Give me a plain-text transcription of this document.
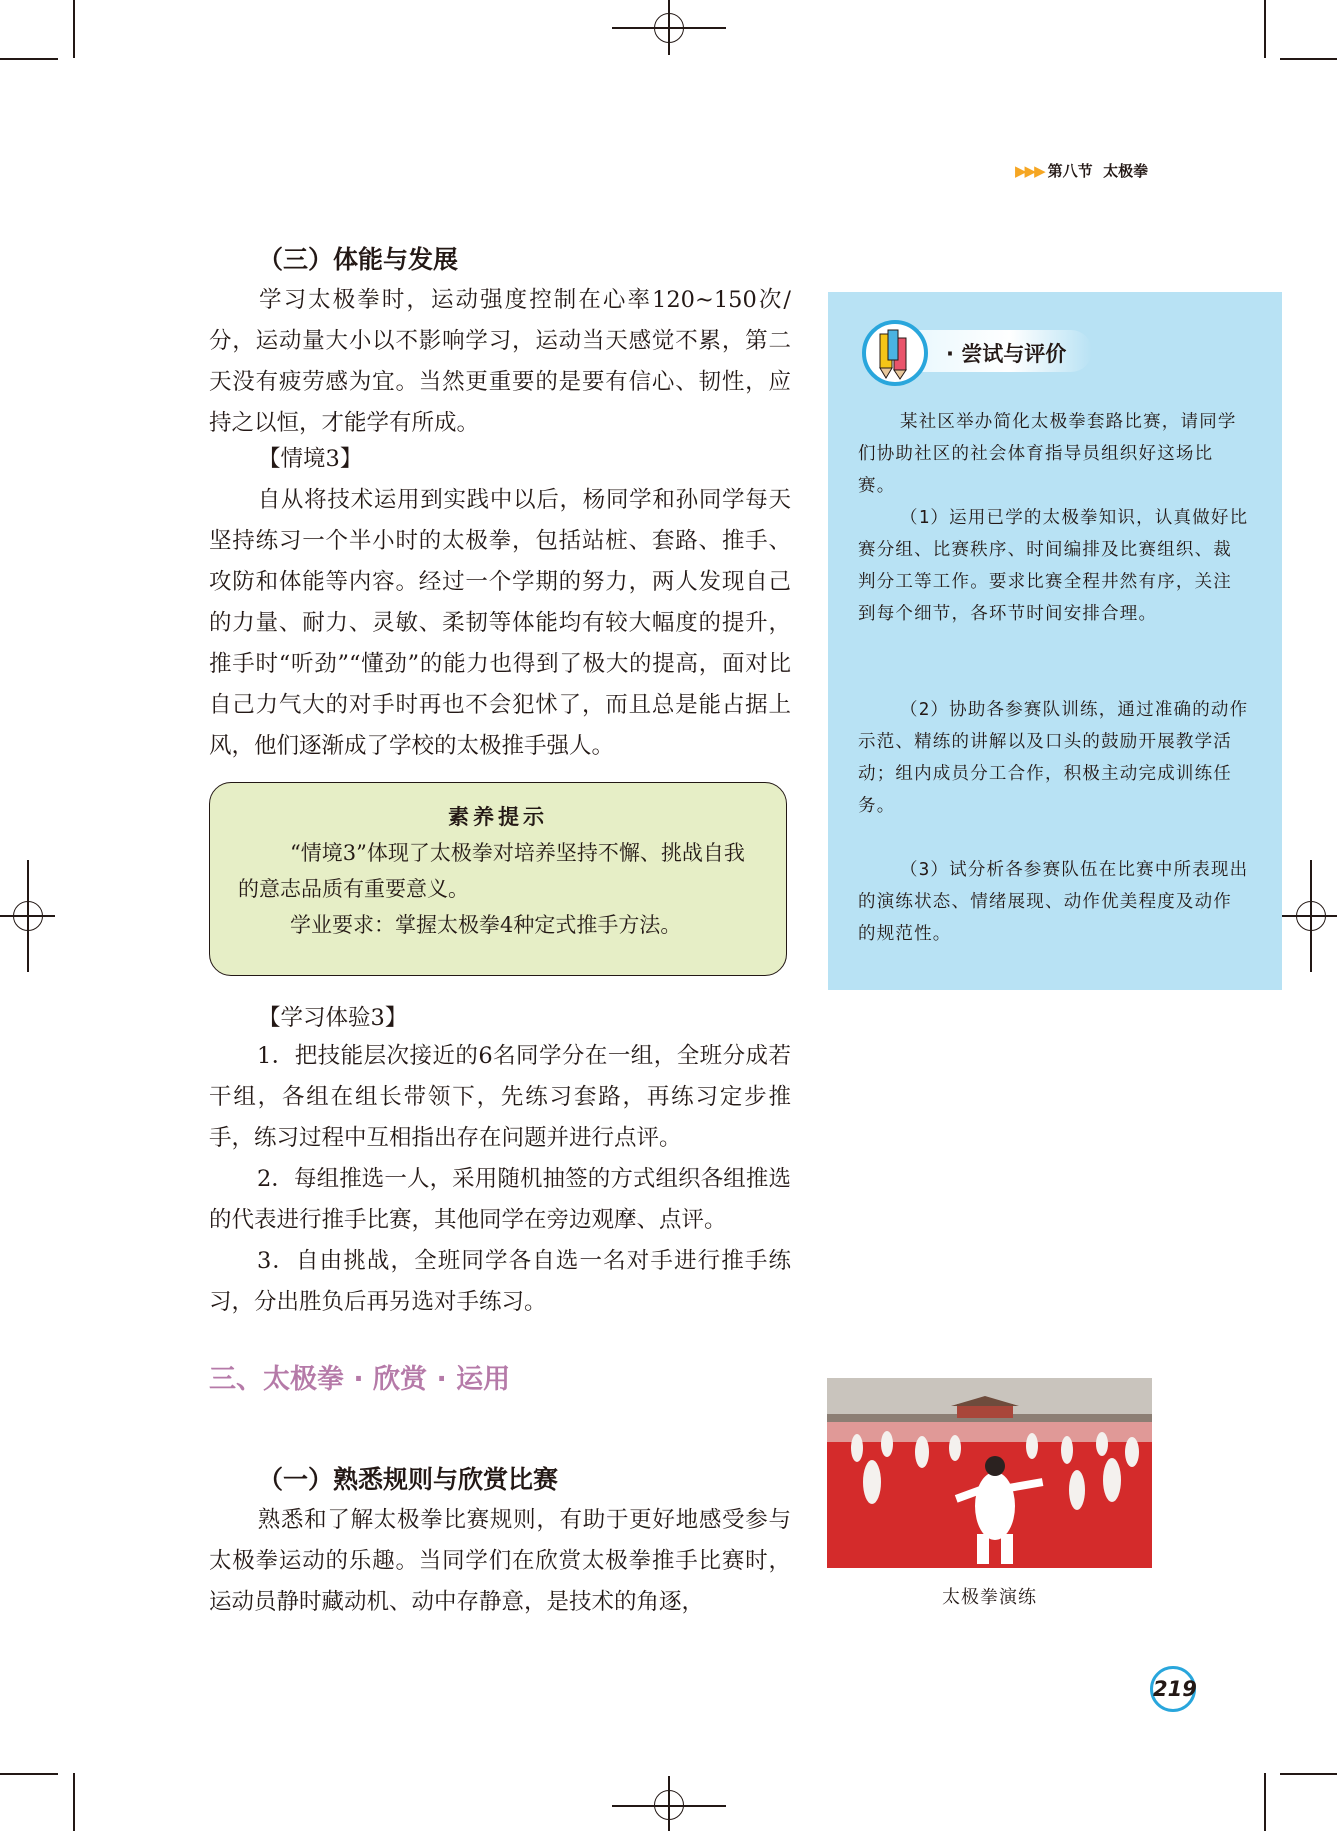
▶▶▶ 第八节 太极拳
（三）体能与发展

学习太极拳时，运动强度控制在心率120~150次/分，运动量大小以不影响学习，运动当天感觉不累，第二天没有疲劳感为宜。当然更重要的是要有信心、韧性，应持之以恒，才能学有所成。

【情境3】

自从将技术运用到实践中以后，杨同学和孙同学每天坚持练习一个半小时的太极拳，包括站桩、套路、推手、攻防和体能等内容。经过一个学期的努力，两人发现自己的力量、耐力、灵敏、柔韧等体能均有较大幅度的提升，推手时“听劲”“懂劲”的能力也得到了极大的提高，面对比自己力气大的对手时再也不会犯怵了，而且总是能占据上风，他们逐渐成了学校的太极推手强人。

素养提示
“情境3”体现了太极拳对培养坚持不懈、挑战自我的意志品质有重要意义。
学业要求：掌握太极拳4种定式推手方法。
【学习体验3】

1．把技能层次接近的6名同学分在一组，全班分成若干组，各组在组长带领下，先练习套路，再练习定步推手，练习过程中互相指出存在问题并进行点评。

2．每组推选一人，采用随机抽签的方式组织各组推选的代表进行推手比赛，其他同学在旁边观摩、点评。

3．自由挑战，全班同学各自选一名对手进行推手练习，分出胜负后再另选对手练习。

三、太极拳 · 欣赏 · 运用
（一）熟悉规则与欣赏比赛

熟悉和了解太极拳比赛规则，有助于更好地感受参与太极拳运动的乐趣。当同学们在欣赏太极拳推手比赛时，运动员静时藏动机、动中存静意，是技术的角逐，

· 尝试与评价
某社区举办简化太极拳套路比赛，请同学们协助社区的社会体育指导员组织好这场比赛。
（1）运用已学的太极拳知识，认真做好比赛分组、比赛秩序、时间编排及比赛组织、裁判分工等工作。要求比赛全程井然有序，关注到每个细节，各环节时间安排合理。
（2）协助各参赛队训练，通过准确的动作示范、精练的讲解以及口头的鼓励开展教学活动；组内成员分工合作，积极主动完成训练任务。
（3）试分析各参赛队伍在比赛中所表现出的演练状态、情绪展现、动作优美程度及动作的规范性。
太极拳演练
219
